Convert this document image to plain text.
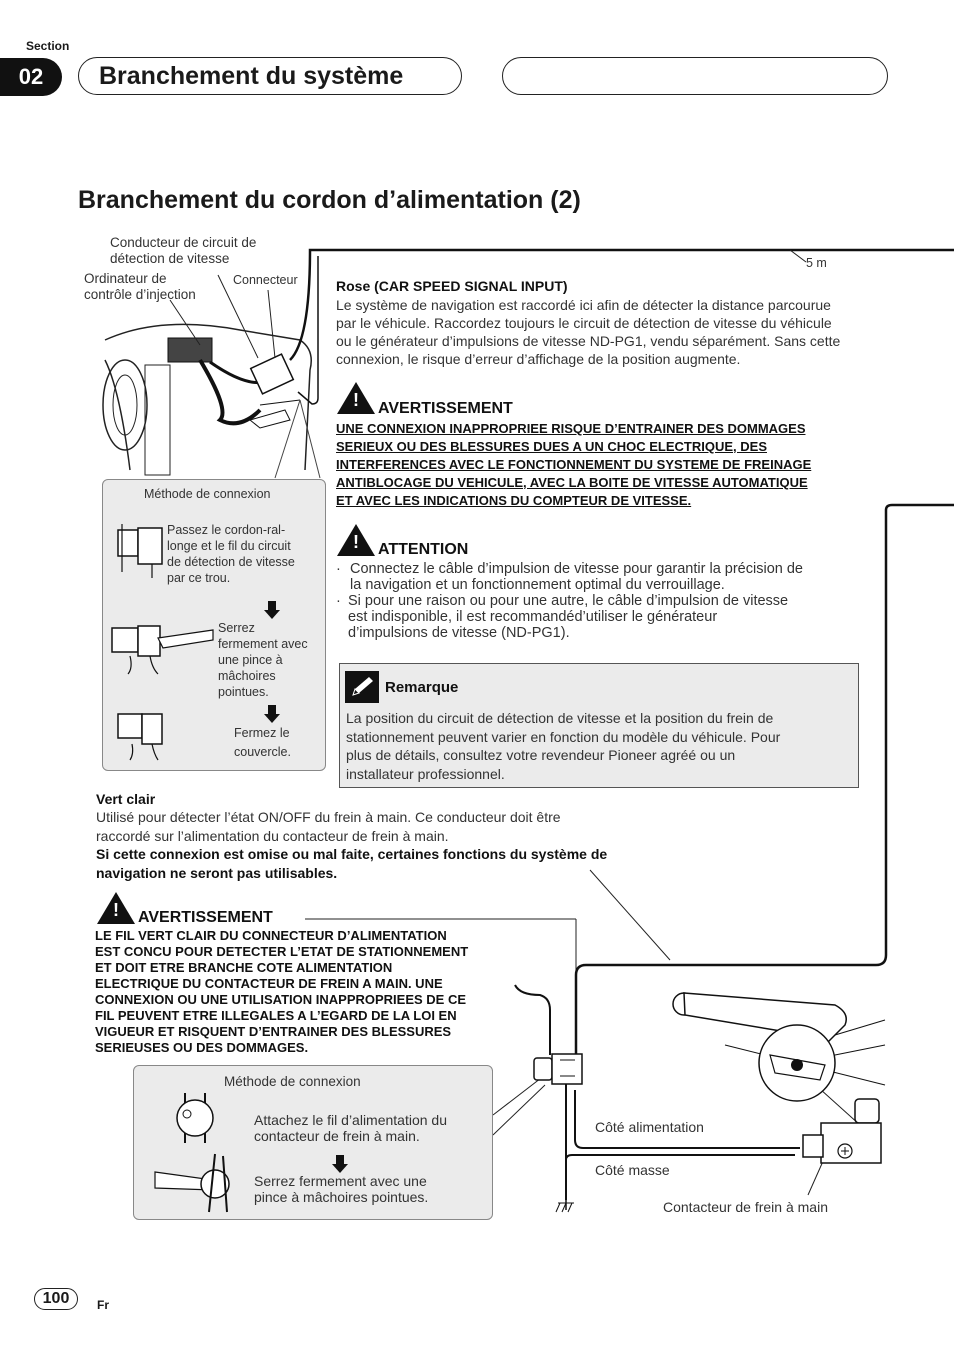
Section
02	Branchement du système
Branchement du cordon d’alimentation (2)
Conducteur de circuit de
détection de vitesse
Ordinateur de
contrôle d’injection
Connecteur
5 m
Méthode de connexion
Passez le cordon-ral-
longe et le fil du circuit
de détection de vitesse
par ce trou.
Serrez
fermement avec
une pince à
mâchoires
pointues.
Fermez le
couvercle.
Rose (CAR SPEED SIGNAL INPUT)
Le système de navigation est raccordé ici afin de détecter la distance parcourue
par le véhicule. Raccordez toujours le circuit de détection de vitesse du véhicule
ou le générateur d’impulsions de vitesse ND-PG1, vendu séparément. Sans cette
connexion, le risque d’erreur d’affichage de la position augmente.
! AVERTISSEMENT
UNE CONNEXION INAPPROPRIEE RISQUE D’ENTRAINER DES DOMMAGES
SERIEUX OU DES BLESSURES DUES A UN CHOC ELECTRIQUE, DES
INTERFERENCES AVEC LE FONCTIONNEMENT DU SYSTEME DE FREINAGE
ANTIBLOCAGE DU VEHICULE, AVEC LA BOITE DE VITESSE AUTOMATIQUE
ET AVEC LES INDICATIONS DU COMPTEUR DE VITESSE.
! ATTENTION
· Connectez le câble d’impulsion de vitesse pour garantir la précision de
la navigation et un fonctionnement optimal du verrouillage.
· Si pour une raison ou pour une autre, le câble d’impulsion de vitesse
est indisponible, il est recommandéd’utiliser le générateur
d’impulsions de vitesse (ND-PG1).
Remarque
La position du circuit de détection de vitesse et la position du frein de
stationnement peuvent varier en fonction du modèle du véhicule. Pour
plus de détails, consultez votre revendeur Pioneer agréé ou un
installateur professionnel.
Vert clair
Utilisé pour détecter l’état ON/OFF du frein à main. Ce conducteur doit être
raccordé sur l’alimentation du contacteur de frein à main.
Si cette connexion est omise ou mal faite, certaines fonctions du système de
navigation ne seront pas utilisables.
! AVERTISSEMENT
LE FIL VERT CLAIR DU CONNECTEUR D’ALIMENTATION
EST CONCU POUR DETECTER L’ETAT DE STATIONNEMENT
ET DOIT ETRE BRANCHE COTE ALIMENTATION
ELECTRIQUE DU CONTACTEUR DE FREIN A MAIN. UNE
CONNEXION OU UNE UTILISATION INAPPROPRIEES DE CE
FIL PEUVENT ETRE ILLEGALES A L’EGARD DE LA LOI EN
VIGUEUR ET RISQUENT D’ENTRAINER DES BLESSURES
SERIEUSES OU DES DOMMAGES.
Méthode de connexion
Attachez le fil d’alimentation du
contacteur de frein à main.
Serrez fermement avec une
pince à mâchoires pointues.
Côté alimentation
Côté masse
Contacteur de frein à main
100	Fr
